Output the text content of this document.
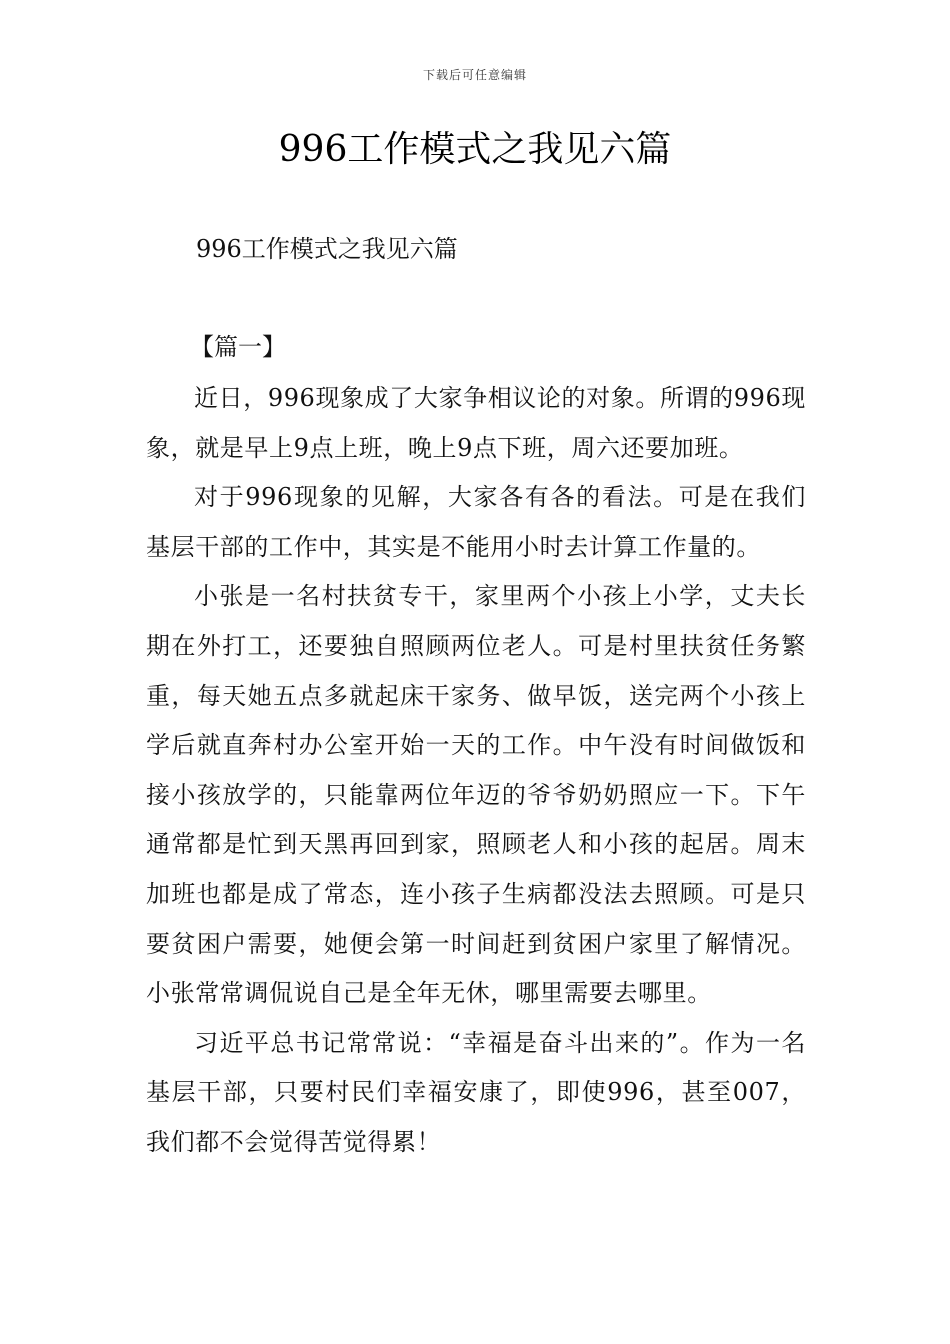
下载后可任意编辑
996工作模式之我见六篇
996工作模式之我见六篇
【篇一】

近日，996现象成了大家争相议论的对象。所谓的996现象，就是早上9点上班，晚上9点下班，周六还要加班。

对于996现象的见解，大家各有各的看法。可是在我们基层干部的工作中，其实是不能用小时去计算工作量的。

小张是一名村扶贫专干，家里两个小孩上小学，丈夫长期在外打工，还要独自照顾两位老人。可是村里扶贫任务繁重，每天她五点多就起床干家务、做早饭，送完两个小孩上学后就直奔村办公室开始一天的工作。中午没有时间做饭和接小孩放学的，只能靠两位年迈的爷爷奶奶照应一下。下午通常都是忙到天黑再回到家，照顾老人和小孩的起居。周末加班也都是成了常态，连小孩子生病都没法去照顾。可是只要贫困户需要，她便会第一时间赶到贫困户家里了解情况。小张常常调侃说自己是全年无休，哪里需要去哪里。

习近平总书记常常说：“幸福是奋斗出来的”。作为一名基层干部，只要村民们幸福安康了，即使996，甚至007，我们都不会觉得苦觉得累！
